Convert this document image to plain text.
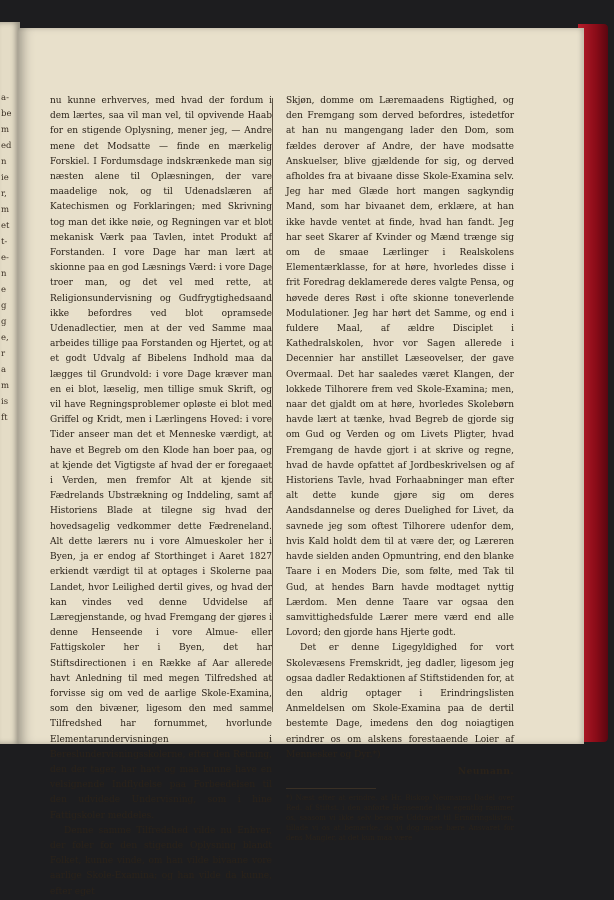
a-
be
m
ed
n
ie
r,
m
et
t-
e-
n
e
g
g
e,
r
a
m
is
ft

nu kunne erhverves, med hvad der fordum i dem lærtes, saa vil man vel, til opvivende Haab for en stigende Oplysning, mener jeg, — Andre mene det Modsatte — finde en mærkelig Forskiel. I Fordumsdage indskrænkede man sig næsten alene til Oplæsningen, der vare maadelige nok, og til Udenadslæren af Katechismen og Forklaringen; med Skrivning tog man det ikke nøie, og Regningen var et blot mekanisk Værk paa Tavlen, intet Produkt af Forstanden. I vore Dage har man lært at skionne paa en god Læsnings Værd: i vore Dage troer man, og det vel med rette, at Religionsundervisning og Gudfrygtighedsaand ikke befordres ved blot opramsede Udenadlectier, men at der ved Samme maa arbeides tillige paa Forstanden og Hjertet, og at et godt Udvalg af Bibelens Indhold maa da lægges til Grundvold: i vore Dage kræver man en ei blot, læselig, men tillige smuk Skrift, og vil have Regningsproblemer opløste ei blot med Griffel og Kridt, men i Lærlingens Hoved: i vore Tider anseer man det et Menneske værdigt, at have et Begreb om den Klode han boer paa, og at kjende det Vigtigste af hvad der er foregaaet i Verden, men fremfor Alt at kjende sit Fædrelands Ubstrækning og Inddeling, samt af Historiens Blade at tilegne sig hvad der hovedsagelig vedkommer dette Fædreneland. Alt dette lærers nu i vore Almueskoler her i Byen, ja er endog af Storthinget i Aaret 1827 erkiendt værdigt til at optages i Skolerne paa Landet, hvor Leilighed dertil gives, og hvad der kan vindes ved denne Udvidelse af Læregjenstande, og hvad Fremgang der gjøres i denne Henseende i vore Almue- eller Fattigskoler her i Byen, det har Stiftsdirectionen i en Række af Aar allerede havt Anledning til med megen Tilfredshed at forvisse sig om ved de aarlige Skole-Examina, som den bivæner, ligesom den med samme Tilfredshed har fornummet, hvorlunde Elementarundervisningen i Bereslundervisningsskolerne, efter den Retning, den der tager, har havt og maa kunne have en velsignende Indflydelse paa Forbeedelsen til den udvidede Undervisning, som i hine Fattigskoler meddeles.

Denne samme Tilfredshed vilde nu Enhver, der føler for den stigende Oplysning blandt Folket, kunne vinde, om han vilde bivaane vore aarlige Skole-Examina; og han vilde da kunne, efter eget

Skjøn, domme om Læremaadens Rigtighed, og den Fremgang som derved befordres, istedetfor at han nu mangengang lader den Dom, som fældes derover af Andre, der have modsatte Anskuelser, blive gjældende for sig, og derved afholdes fra at bivaane disse Skole-Examina selv. Jeg har med Glæde hort mangen sagkyndig Mand, som har bivaanet dem, erklære, at han ikke havde ventet at finde, hvad han fandt. Jeg har seet Skarer af Kvinder og Mænd trænge sig om de smaae Lærlinger i Realskolens Elementærklasse, for at høre, hvorledes disse i frit Foredrag deklamerede deres valgte Pensa, og høvede deres Røst i ofte skionne toneverlende Modulationer. Jeg har hørt det Samme, og end i fuldere Maal, af ældre Disciplet i Kathedralskolen, hvor vor Sagen allerede i Decennier har anstillet Læseovelser, der gave Overmaal. Det har saaledes været Klangen, der lokkede Tilhorere frem ved Skole-Examina; men, naar det gjaldt om at høre, hvorledes Skolebørn havde lært at tænke, hvad Begreb de gjorde sig om Gud og Verden og om Livets Pligter, hvad Fremgang de havde gjort i at skrive og regne, hvad de havde opfattet af Jordbeskrivelsen og af Historiens Tavle, hvad Forhaabninger man efter alt dette kunde gjøre sig om deres Aandsdannelse og deres Duelighed for Livet, da savnede jeg som oftest Tilhorere udenfor dem, hvis Kald holdt dem til at være der, og Læreren havde sielden anden Opmuntring, end den blanke Taare i en Moders Die, som følte, med Tak til Gud, at hendes Barn havde modtaget nyttig Lærdom. Men denne Taare var ogsaa den samvittighedsfulde Lærer mere værd end alle Lovord; den gjorde hans Hjerte godt.

Det er denne Ligegyldighed for vort Skolevæsens Fremskridt, jeg dadler, ligesom jeg ogsaa dadler Redaktionen af Stiftstidenden for, at den aldrig optager i Erindringslisten Anmeldelsen om Skole-Examina paa de dertil bestemte Dage, imedens den dog noiagtigen erindrer os om alskens forestaaende Loier af Mennesker og Dyr.*)

Neumann.

*) Næst efter at erindre, at Hr. Biskop Neumanns Dadel over Red. af Stiftst. i den anførte Henseende ikke egentlig rammer os, saasom vi ikke selv besørge Uddraget til Erindringslisten, tillade vi os at bemærke, da vi dog maae bære Ansvaret for dens Mangler, at det kun maa være
